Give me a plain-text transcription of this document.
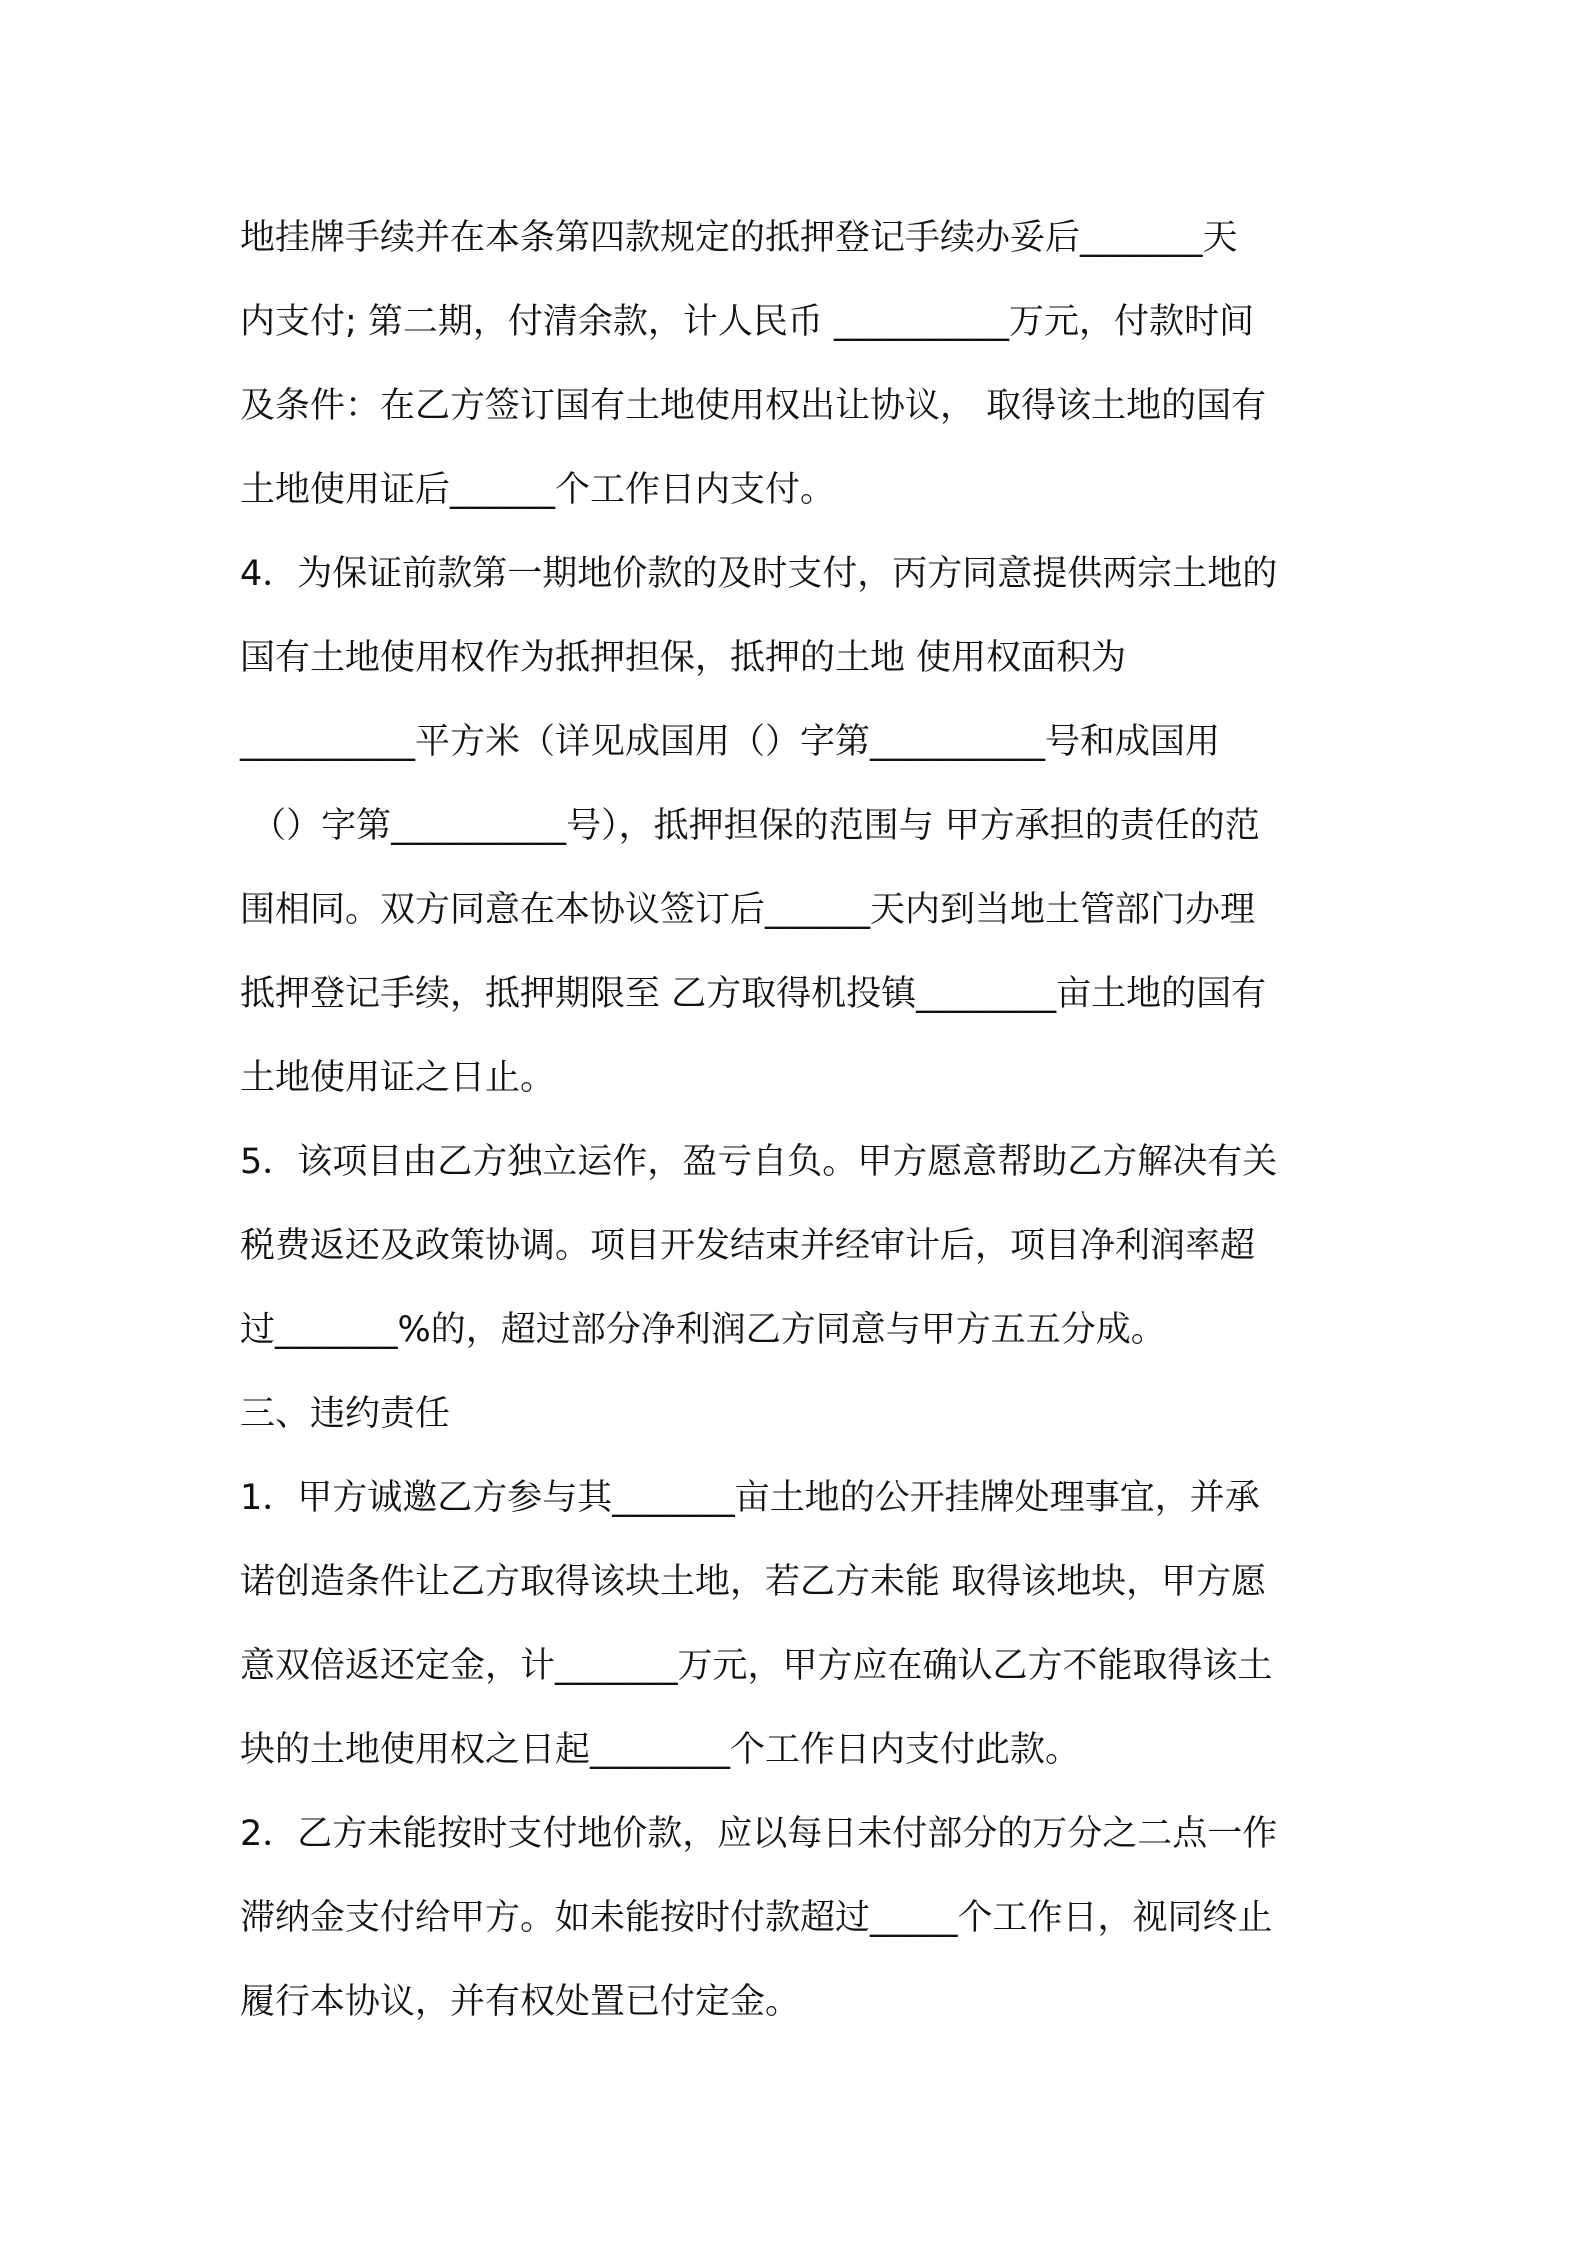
地挂牌手续并在本条第四款规定的抵押登记手续办妥后_______天
内支付; 第二期，付清余款，计人民币 __________万元，付款时间
及条件：在乙方签订国有土地使用权出让协议， 取得该土地的国有
土地使用证后______个工作日内支付。
4．为保证前款第一期地价款的及时支付，丙方同意提供两宗土地的
国有土地使用权作为抵押担保，抵押的土地 使用权面积为
__________平方米（详见成国用（）字第__________号和成国用
（）字第__________号），抵押担保的范围与 甲方承担的责任的范
围相同。双方同意在本协议签订后______天内到当地土管部门办理
抵押登记手续，抵押期限至 乙方取得机投镇________亩土地的国有
土地使用证之日止。
5．该项目由乙方独立运作，盈亏自负。甲方愿意帮助乙方解决有关
税费返还及政策协调。项目开发结束并经审计后，项目净利润率超
过_______%的，超过部分净利润乙方同意与甲方五五分成。
三、违约责任
1．甲方诚邀乙方参与其_______亩土地的公开挂牌处理事宜，并承
诺创造条件让乙方取得该块土地，若乙方未能 取得该地块，甲方愿
意双倍返还定金，计_______万元，甲方应在确认乙方不能取得该土
块的土地使用权之日起________个工作日内支付此款。
2．乙方未能按时支付地价款，应以每日未付部分的万分之二点一作
滞纳金支付给甲方。如未能按时付款超过_____个工作日，视同终止
履行本协议，并有权处置已付定金。
